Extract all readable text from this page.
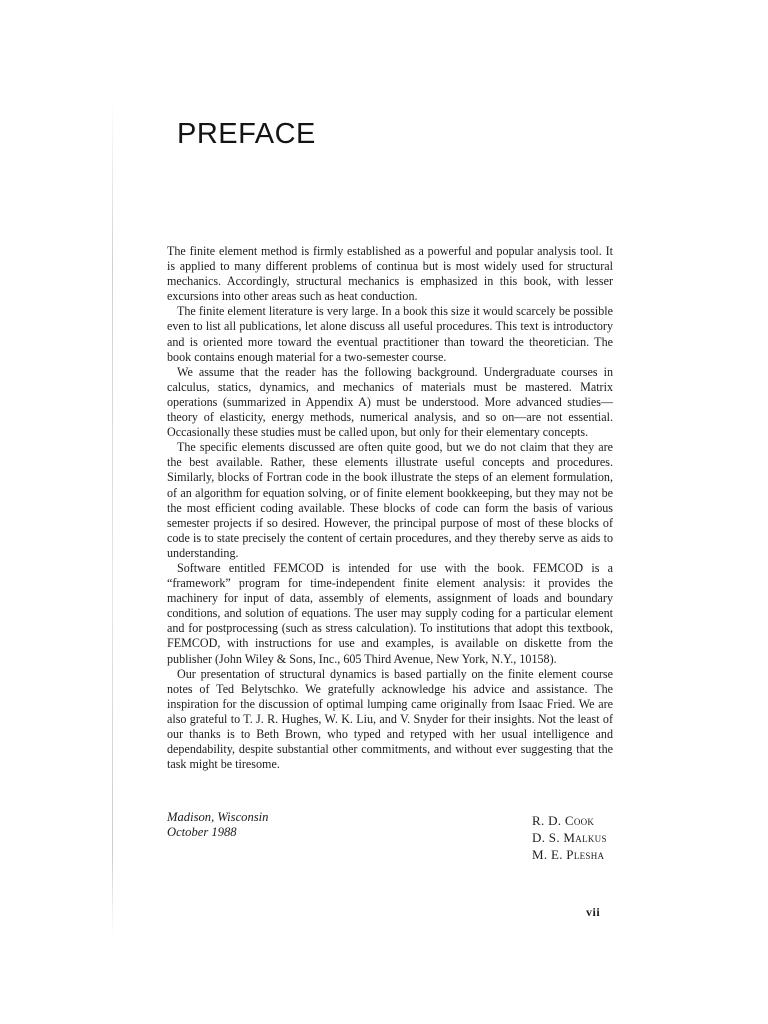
PREFACE

The finite element method is firmly established as a powerful and popular analysis tool. It is applied to many different problems of continua but is most widely used for structural mechanics. Accordingly, structural mechanics is emphasized in this book, with lesser excursions into other areas such as heat conduction.

The finite element literature is very large. In a book this size it would scarcely be possible even to list all publications, let alone discuss all useful procedures. This text is introductory and is oriented more toward the eventual practitioner than toward the theoretician. The book contains enough material for a two-semester course.

We assume that the reader has the following background. Undergraduate courses in calculus, statics, dynamics, and mechanics of materials must be mastered. Matrix operations (summarized in Appendix A) must be understood. More advanced studies—theory of elasticity, energy methods, numerical analysis, and so on—are not essential. Occasionally these studies must be called upon, but only for their elementary concepts.

The specific elements discussed are often quite good, but we do not claim that they are the best available. Rather, these elements illustrate useful concepts and procedures. Similarly, blocks of Fortran code in the book illustrate the steps of an element formulation, of an algorithm for equation solving, or of finite element bookkeeping, but they may not be the most efficient coding available. These blocks of code can form the basis of various semester projects if so desired. However, the principal purpose of most of these blocks of code is to state precisely the content of certain procedures, and they thereby serve as aids to understanding.

Software entitled FEMCOD is intended for use with the book. FEMCOD is a “framework” program for time-independent finite element analysis: it provides the machinery for input of data, assembly of elements, assignment of loads and boundary conditions, and solution of equations. The user may supply coding for a particular element and for postprocessing (such as stress calculation). To institutions that adopt this textbook, FEMCOD, with instructions for use and examples, is available on diskette from the publisher (John Wiley & Sons, Inc., 605 Third Avenue, New York, N.Y., 10158).

Our presentation of structural dynamics is based partially on the finite element course notes of Ted Belytschko. We gratefully acknowledge his advice and assistance. The inspiration for the discussion of optimal lumping came originally from Isaac Fried. We are also grateful to T. J. R. Hughes, W. K. Liu, and V. Snyder for their insights. Not the least of our thanks is to Beth Brown, who typed and retyped with her usual intelligence and dependability, despite substantial other commitments, and without ever suggesting that the task might be tiresome.

Madison, Wisconsin
October 1988
R. D. Cook
D. S. Malkus
M. E. Plesha
vii
